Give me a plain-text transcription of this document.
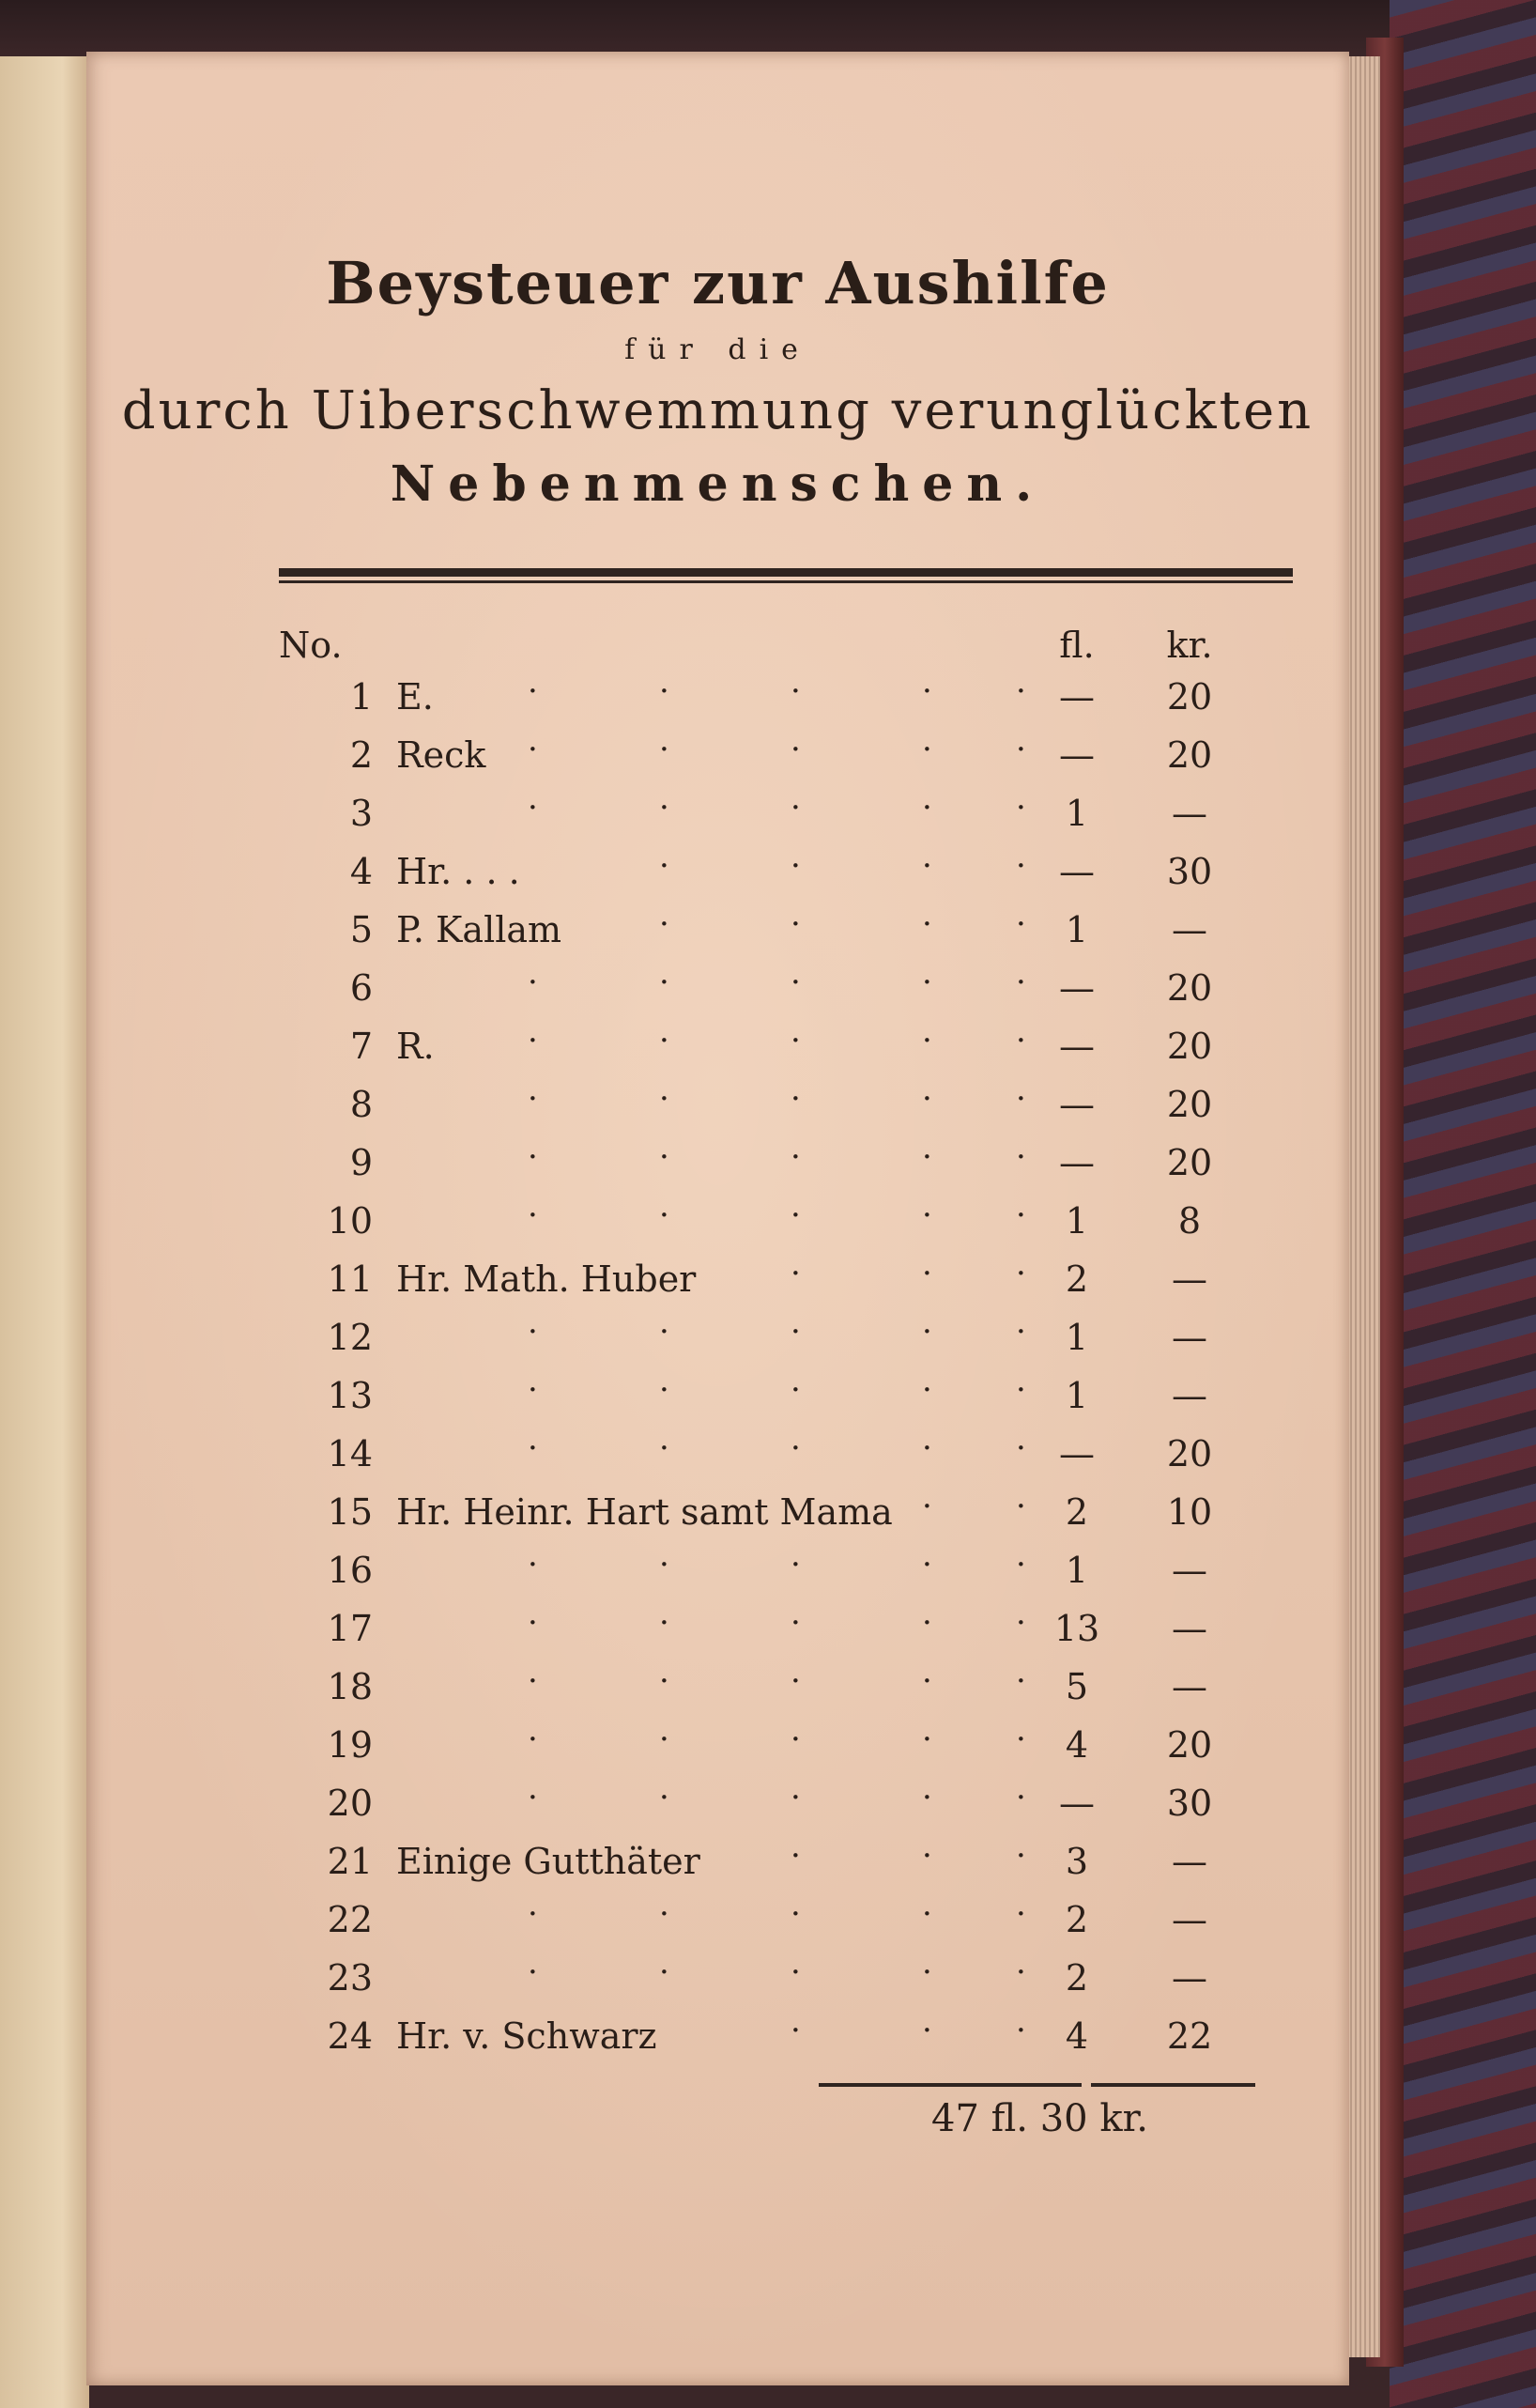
Beysteuer zur Aushilfe
für die
durch Uiberschwemmung verunglückten
Nebenmenschen.
No.	fl.	kr.
1 E.	·	·	·	·	· —	20
2 Reck ·	·	·	·	· —	20
3	·	·	·	·	·	1	—
4 Hr. . . .	·	·	·	· —	30
5 P. Kallam	·	·	·	·	1	—
6	·	·	·	·	· —	20
7 R.	·	·	·	·	· —	20
8	·	·	·	·	· —	20
9	·	·	·	·	· —	20
10	·	·	·	·	·	1	8
11 Hr. Math. Huber	·	·	·	2	—
12	·	·	·	·	·	1	—
13	·	·	·	·	·	1	—
14	·	·	·	·	· —	20
15 Hr. Heinr. Hart samt Mama ·	·	2	10
16	·	·	·	·	·	1	—
17	·	·	·	·	· 13	—
18	·	·	·	·	·	5	—
19	·	·	·	·	·	4	20
20	·	·	·	·	· —	30
21 Einige Gutthäter	·	·	·	3	—
22	·	·	·	·	·	2	—
23	·	·	·	·	·	2	—
24 Hr. v. Schwarz	·	·	·	4	22
47 fl. 30 kr.
